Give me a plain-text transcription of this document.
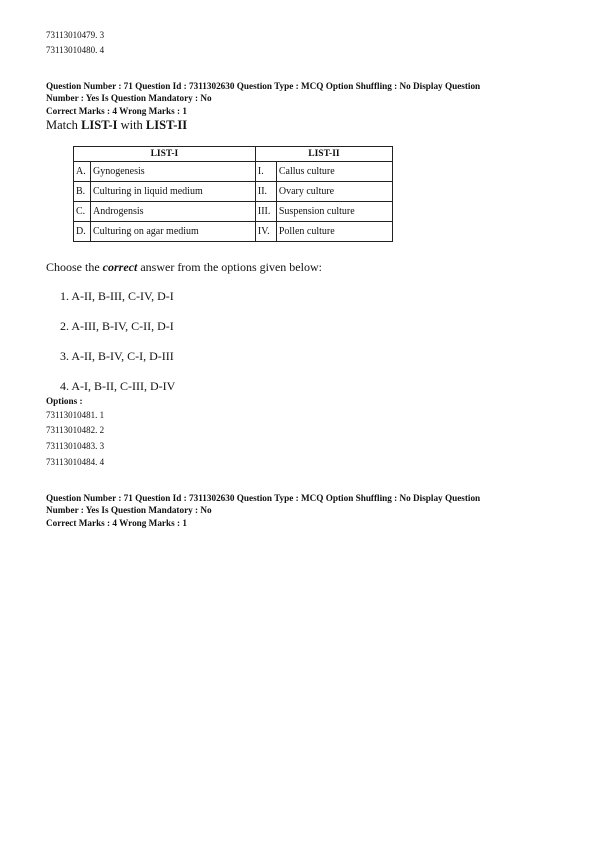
73113010479. 3
73113010480. 4
Question Number : 71 Question Id : 7311302630 Question Type : MCQ Option Shuffling : No Display Question
Number : Yes Is Question Mandatory : No
Correct Marks : 4 Wrong Marks : 1
Match LIST-I with LIST-II
LIST-I		LIST-II	
A.	Gynogenesis	I.	Callus culture
B.	Culturing in liquid medium	II.	Ovary culture
C.	Androgensis	III.	Suspension culture
D.	Culturing on agar medium	IV.	Pollen culture
Choose the correct answer from the options given below:
1. A-II, B-III, C-IV, D-I
2. A-III, B-IV, C-II, D-I
3. A-II, B-IV, C-I, D-III
4. A-I, B-II, C-III, D-IV
Options :
73113010481. 1
73113010482. 2
73113010483. 3
73113010484. 4
Question Number : 71 Question Id : 7311302630 Question Type : MCQ Option Shuffling : No Display Question
Number : Yes Is Question Mandatory : No
Correct Marks : 4 Wrong Marks : 1
